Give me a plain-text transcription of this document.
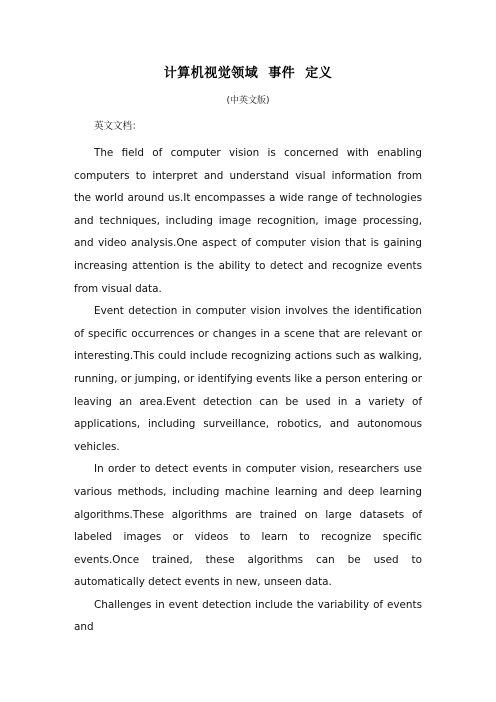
计算机视觉领域  事件  定义
(中英文版)
英文文档：

The field of computer vision is concerned with enabling computers to interpret and understand visual information from the world around us.It encompasses a wide range of technologies and techniques, including image recognition, image processing, and video analysis.One aspect of computer vision that is gaining increasing attention is the ability to detect and recognize events from visual data.

Event detection in computer vision involves the identification of specific occurrences or changes in a scene that are relevant or interesting.This could include recognizing actions such as walking, running, or jumping, or identifying events like a person entering or leaving an area.Event detection can be used in a variety of applications, including surveillance, robotics, and autonomous vehicles.

In order to detect events in computer vision, researchers use various methods, including machine learning and deep learning algorithms.These algorithms are trained on large datasets of labeled images or videos to learn to recognize specific events.Once trained, these algorithms can be used to automatically detect events in new, unseen data.

Challenges in event detection include the variability of events and
